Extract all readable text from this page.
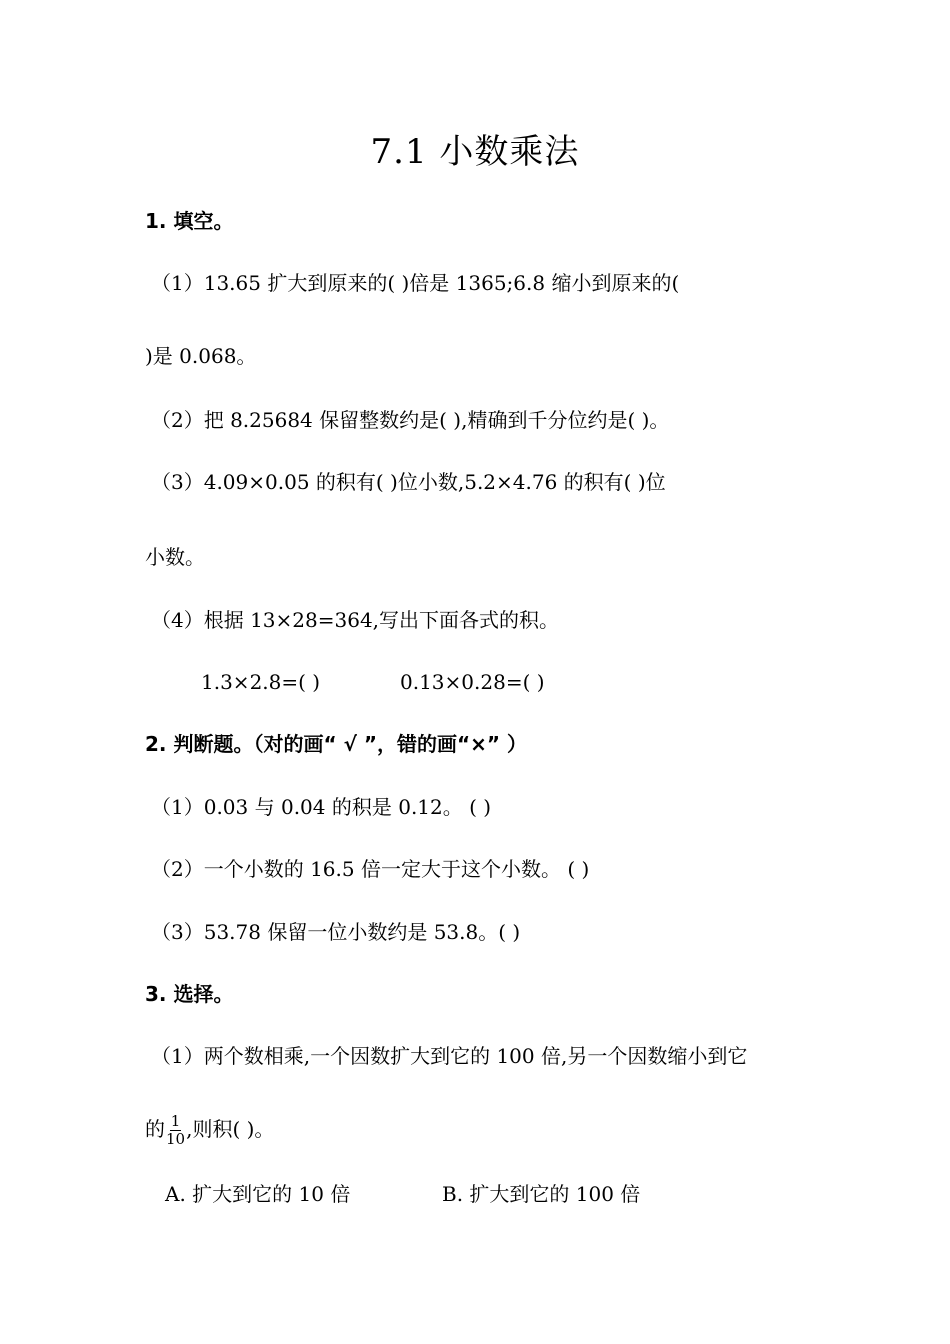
7.1 小数乘法
1. 填空。
（1）13.65 扩大到原来的( )倍是 1365;6.8 缩小到原来的(
)是 0.068。
（2）把 8.25684 保留整数约是( ),精确到千分位约是( )。
（3）4.09×0.05 的积有( )位小数,5.2×4.76 的积有( )位
小数。
（4）根据 13×28=364,写出下面各式的积。
1.3×2.8=( )	0.13×0.28=( )
2. 判断题。（对的画“ √ ”，错的画“×” ）
（1）0.03 与 0.04 的积是 0.12。 ( )
（2）一个小数的 16.5 倍一定大于这个小数。 ( )
（3）53.78 保留一位小数约是 53.8。( )
3. 选择。
（1）两个数相乘,一个因数扩大到它的 100 倍,另一个因数缩小到它
的 $\frac{1}{10}$ ,则积( )。
A. 扩大到它的 10 倍	B. 扩大到它的 100 倍
